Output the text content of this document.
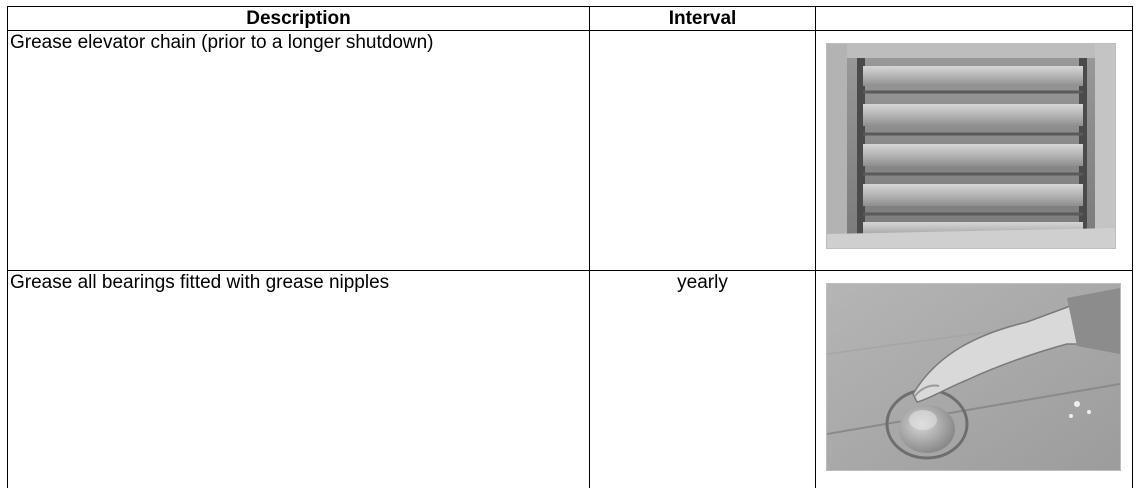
Description	Interval	
Grease elevator chain (prior to a longer shutdown)		

Grease all bearings fitted with grease nipples	yearly	
